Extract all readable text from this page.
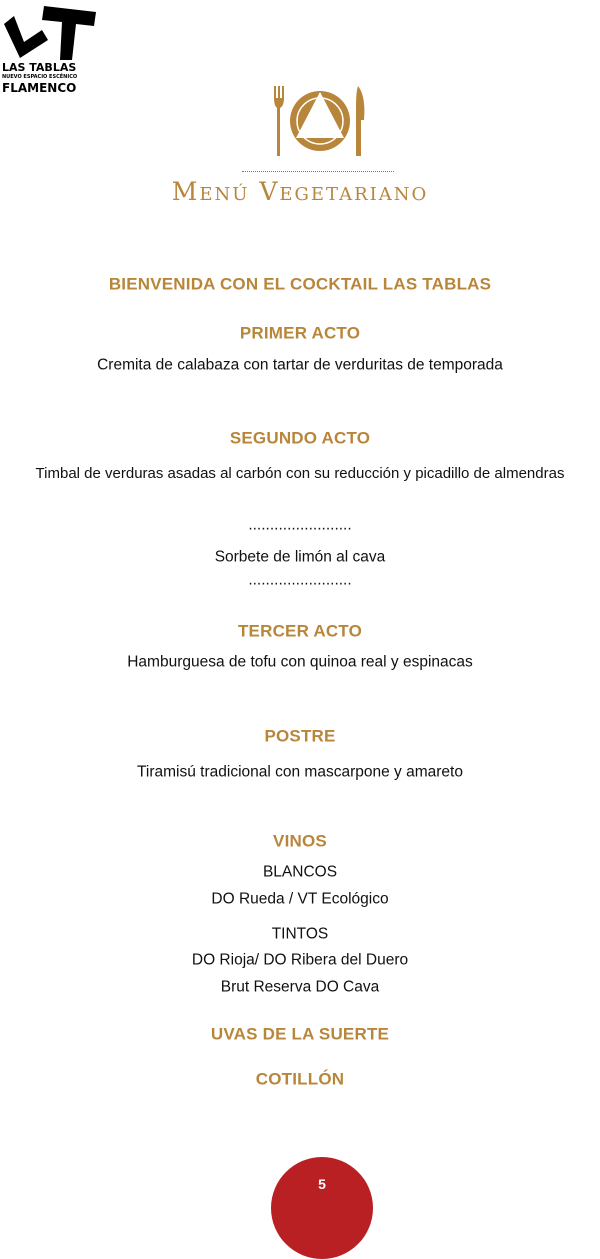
LAS TABLAS
NUEVO ESPACIO ESCÉNICO
FLAMENCO
Menú Vegetariano
BIENVENIDA CON EL COCKTAIL LAS TABLAS
PRIMER ACTO
Cremita de calabaza con tartar de verduritas de temporada
SEGUNDO ACTO
Timbal de verduras asadas al carbón con su reducción y picadillo de almendras
........................
Sorbete de limón al cava
........................
TERCER ACTO
Hamburguesa de tofu con quinoa real y espinacas
POSTRE
Tiramisú tradicional con mascarpone y amareto
VINOS
BLANCOS
DO Rueda / VT Ecológico
TINTOS
DO Rioja/ DO Ribera del Duero
Brut Reserva DO Cava
UVAS DE LA SUERTE
COTILLÓN
5
